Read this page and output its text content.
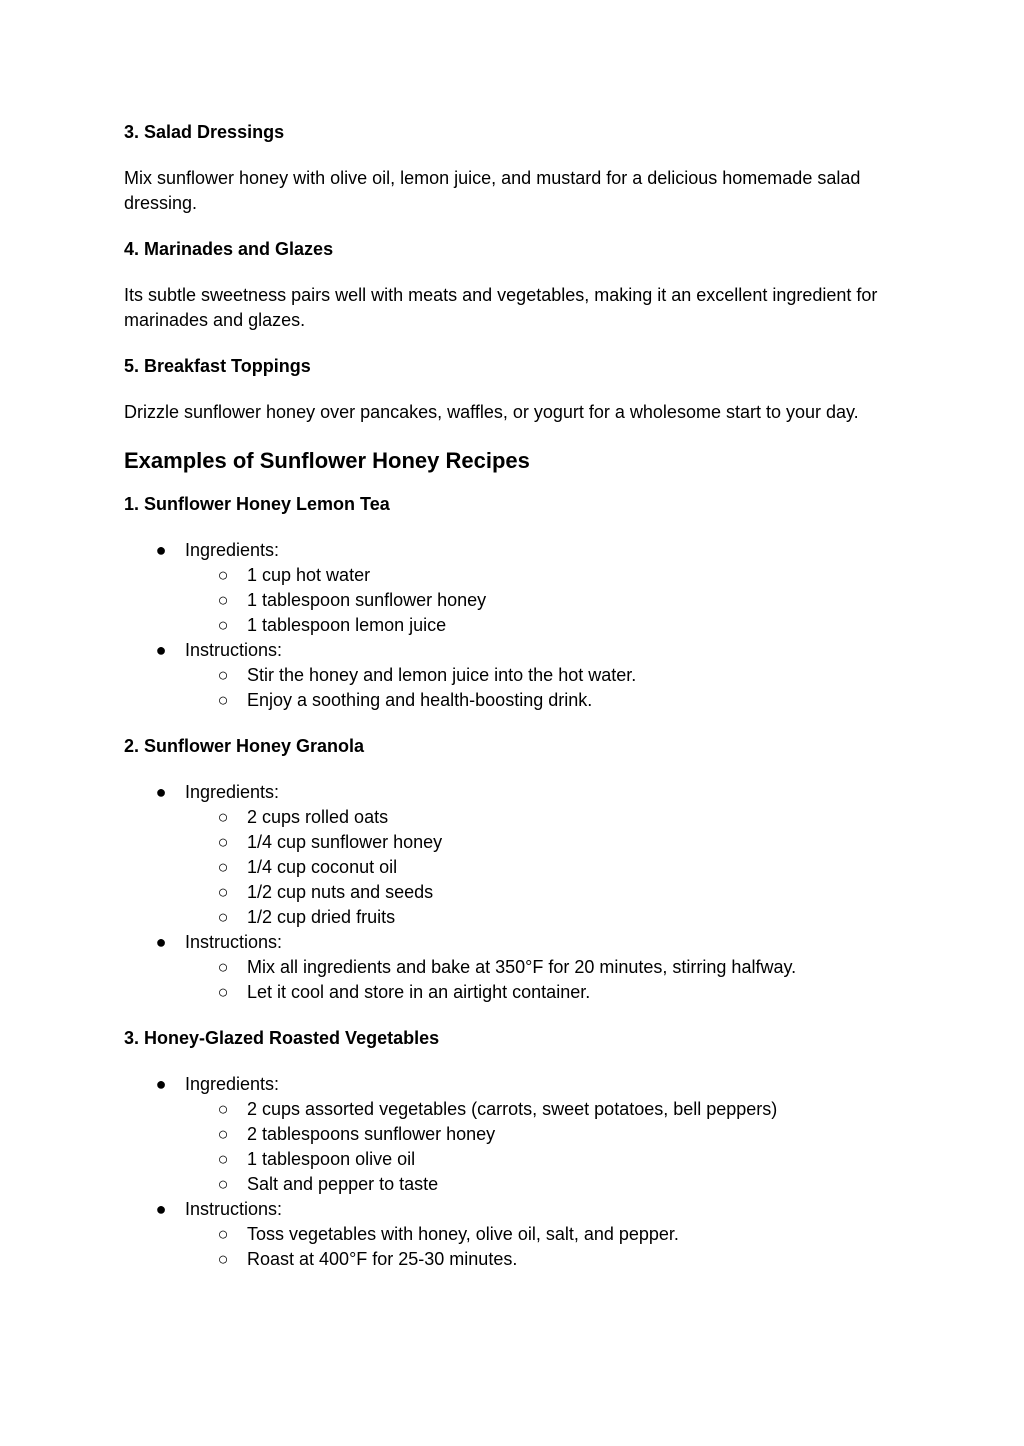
3. Salad Dressings
Mix sunflower honey with olive oil, lemon juice, and mustard for a delicious homemade salad dressing.
4. Marinades and Glazes
Its subtle sweetness pairs well with meats and vegetables, making it an excellent ingredient for marinades and glazes.
5. Breakfast Toppings
Drizzle sunflower honey over pancakes, waffles, or yogurt for a wholesome start to your day.
Examples of Sunflower Honey Recipes
1. Sunflower Honey Lemon Tea
● Ingredients:
○ 1 cup hot water
○ 1 tablespoon sunflower honey
○ 1 tablespoon lemon juice
● Instructions:
○ Stir the honey and lemon juice into the hot water.
○ Enjoy a soothing and health-boosting drink.
2. Sunflower Honey Granola
● Ingredients:
○ 2 cups rolled oats
○ 1/4 cup sunflower honey
○ 1/4 cup coconut oil
○ 1/2 cup nuts and seeds
○ 1/2 cup dried fruits
● Instructions:
○ Mix all ingredients and bake at 350°F for 20 minutes, stirring halfway.
○ Let it cool and store in an airtight container.
3. Honey-Glazed Roasted Vegetables
● Ingredients:
○ 2 cups assorted vegetables (carrots, sweet potatoes, bell peppers)
○ 2 tablespoons sunflower honey
○ 1 tablespoon olive oil
○ Salt and pepper to taste
● Instructions:
○ Toss vegetables with honey, olive oil, salt, and pepper.
○ Roast at 400°F for 25-30 minutes.
